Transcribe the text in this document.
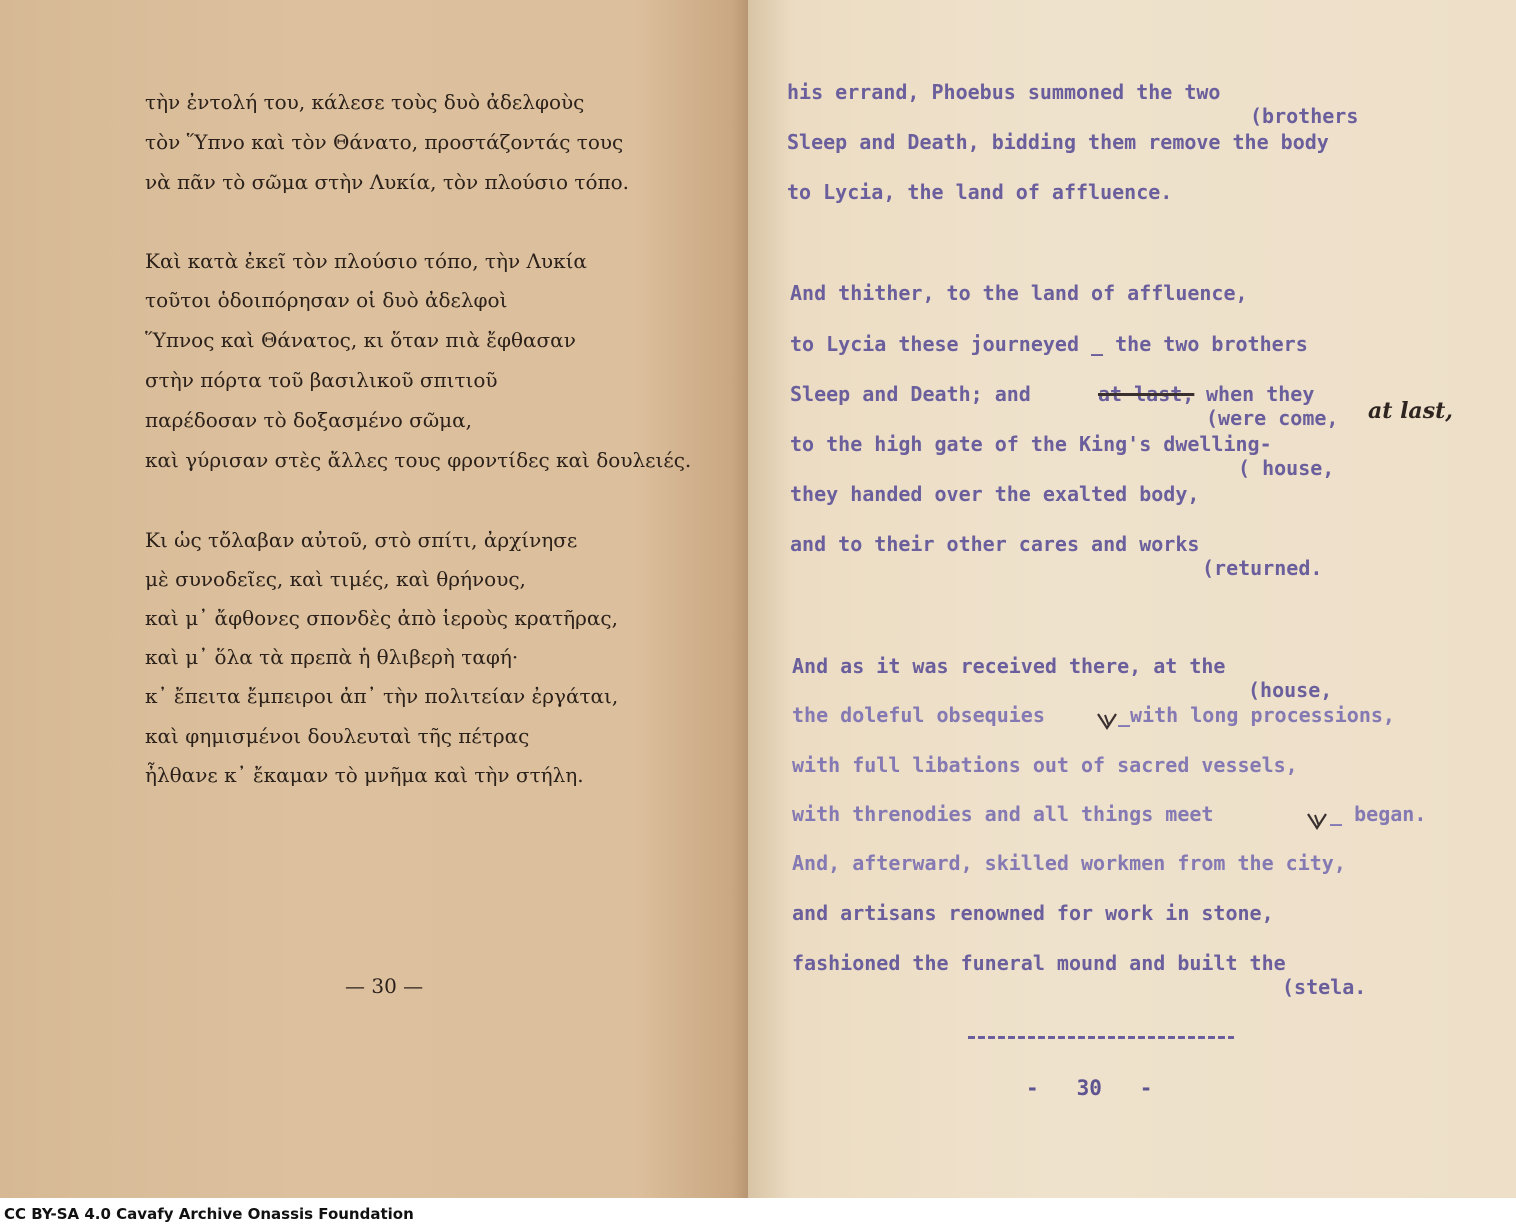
τὴν ἐντολή του, κάλεσε τοὺς δυὸ ἀδελφοὺς
τὸν Ὕπνο καὶ τὸν Θάνατο, προστάζοντάς τους
νὰ πᾶν τὸ σῶμα στὴν Λυκία, τὸν πλούσιο τόπο.
Καὶ κατὰ ἐκεῖ τὸν πλούσιο τόπο, τὴν Λυκία
τοῦτοι ὁδοιπόρησαν οἱ δυὸ ἀδελφοὶ
Ὕπνος καὶ Θάνατος, κι ὅταν πιὰ ἔφθασαν
στὴν πόρτα τοῦ βασιλικοῦ σπιτιοῦ
παρέδοσαν τὸ δοξασμένο σῶμα,
καὶ γύρισαν στὲς ἄλλες τους φροντίδες καὶ δουλειές.
Κι ὡς τὄλαβαν αὐτοῦ, στὸ σπίτι, ἀρχίνησε
μὲ συνοδεῖες, καὶ τιμές, καὶ θρήνους,
καὶ μ᾿ ἄφθονες σπονδὲς ἀπὸ ἱεροὺς κρατῆρας,
καὶ μ᾿ ὅλα τὰ πρεπὰ ἡ θλιβερὴ ταφή·
κ᾿ ἔπειτα ἔμπειροι ἀπ᾿ τὴν πολιτείαν ἐργάται,
καὶ φημισμένοι δουλευταὶ τῆς πέτρας
ἦλθανε κ᾿ ἔκαμαν τὸ μνῆμα καὶ τὴν στήλη.
— 30 —
his errand, Phoebus summoned the two
(brothers
Sleep and Death, bidding them remove the body
to Lycia, the land of affluence.
And thither, to the land of affluence,
to Lycia these journeyed _ the two brothers
Sleep and Death; and	at last, when they
(were come, at last,
to the high gate of the King's dwelling-
( house,
they handed over the exalted body,
and to their other cares and works
(returned.
And as it was received there, at the
(house,
the doleful obsequies	_with long processions,
with full libations out of sacred vessels,
with threnodies and all things meet	_ began.
And, afterward, skilled workmen from the city,
and artisans renowned for work in stone,
fashioned the funeral mound and built the
(stela.
-   30   -
CC BY-SA 4.0 Cavafy Archive Onassis Foundation
